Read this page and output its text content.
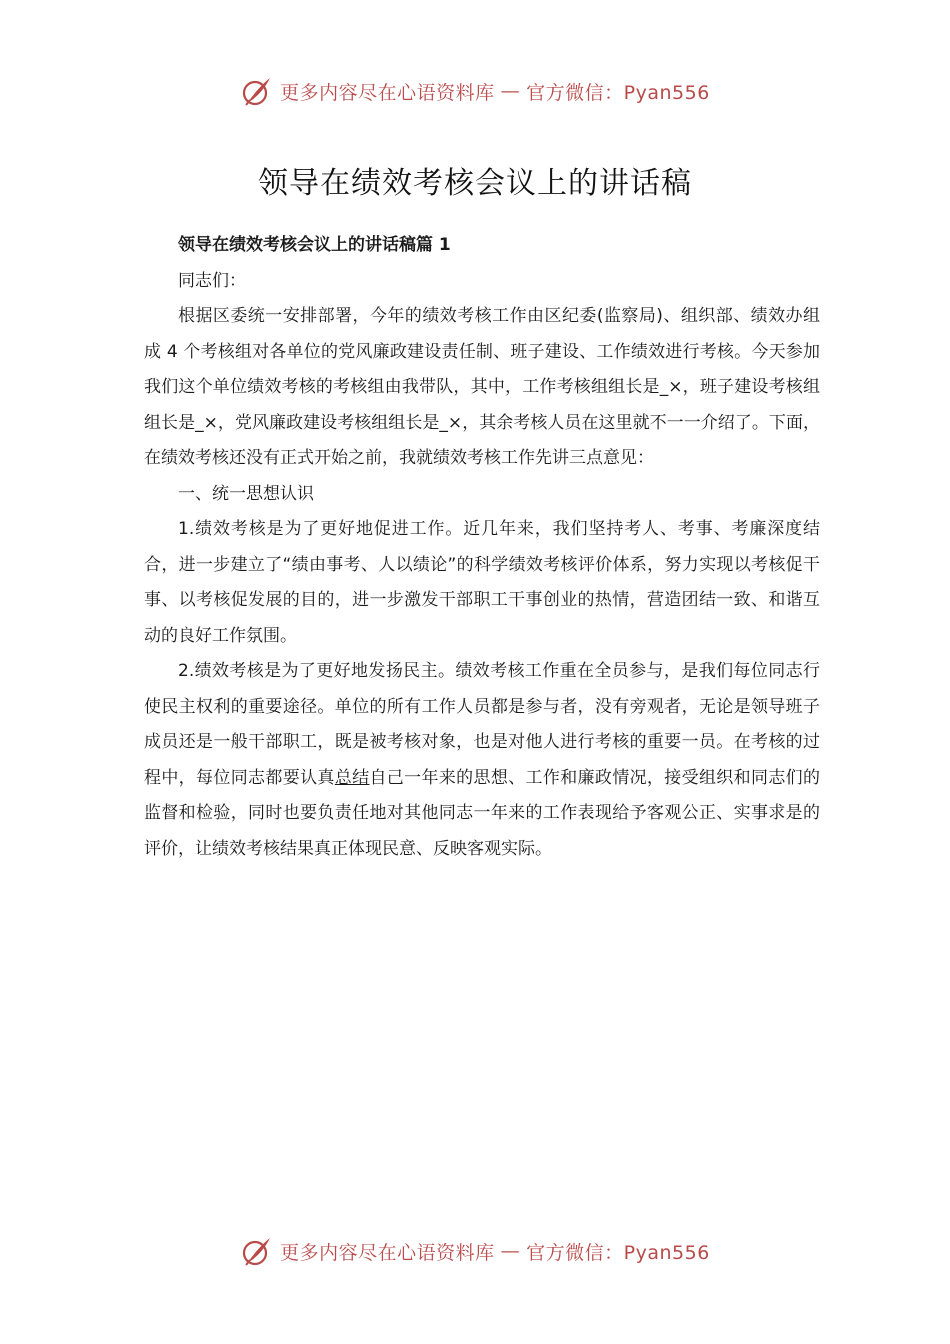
更多内容尽在心语资料库 — 官方微信：Pyan556
领导在绩效考核会议上的讲话稿

领导在绩效考核会议上的讲话稿篇 1

同志们：

根据区委统一安排部署，今年的绩效考核工作由区纪委(监察局)、组织部、绩效办组成 4 个考核组对各单位的党风廉政建设责任制、班子建设、工作绩效进行考核。今天参加我们这个单位绩效考核的考核组由我带队，其中，工作考核组组长是_×，班子建设考核组组长是_×，党风廉政建设考核组组长是_×，其余考核人员在这里就不一一介绍了。下面，在绩效考核还没有正式开始之前，我就绩效考核工作先讲三点意见：

一、统一思想认识

1.绩效考核是为了更好地促进工作。近几年来，我们坚持考人、考事、考廉深度结合，进一步建立了“绩由事考、人以绩论”的科学绩效考核评价体系，努力实现以考核促干事、以考核促发展的目的，进一步激发干部职工干事创业的热情，营造团结一致、和谐互动的良好工作氛围。

2.绩效考核是为了更好地发扬民主。绩效考核工作重在全员参与，是我们每位同志行使民主权利的重要途径。单位的所有工作人员都是参与者，没有旁观者，无论是领导班子成员还是一般干部职工，既是被考核对象，也是对他人进行考核的重要一员。在考核的过程中，每位同志都要认真总结自己一年来的思想、工作和廉政情况，接受组织和同志们的监督和检验，同时也要负责任地对其他同志一年来的工作表现给予客观公正、实事求是的评价，让绩效考核结果真正体现民意、反映客观实际。

更多内容尽在心语资料库 — 官方微信：Pyan556
